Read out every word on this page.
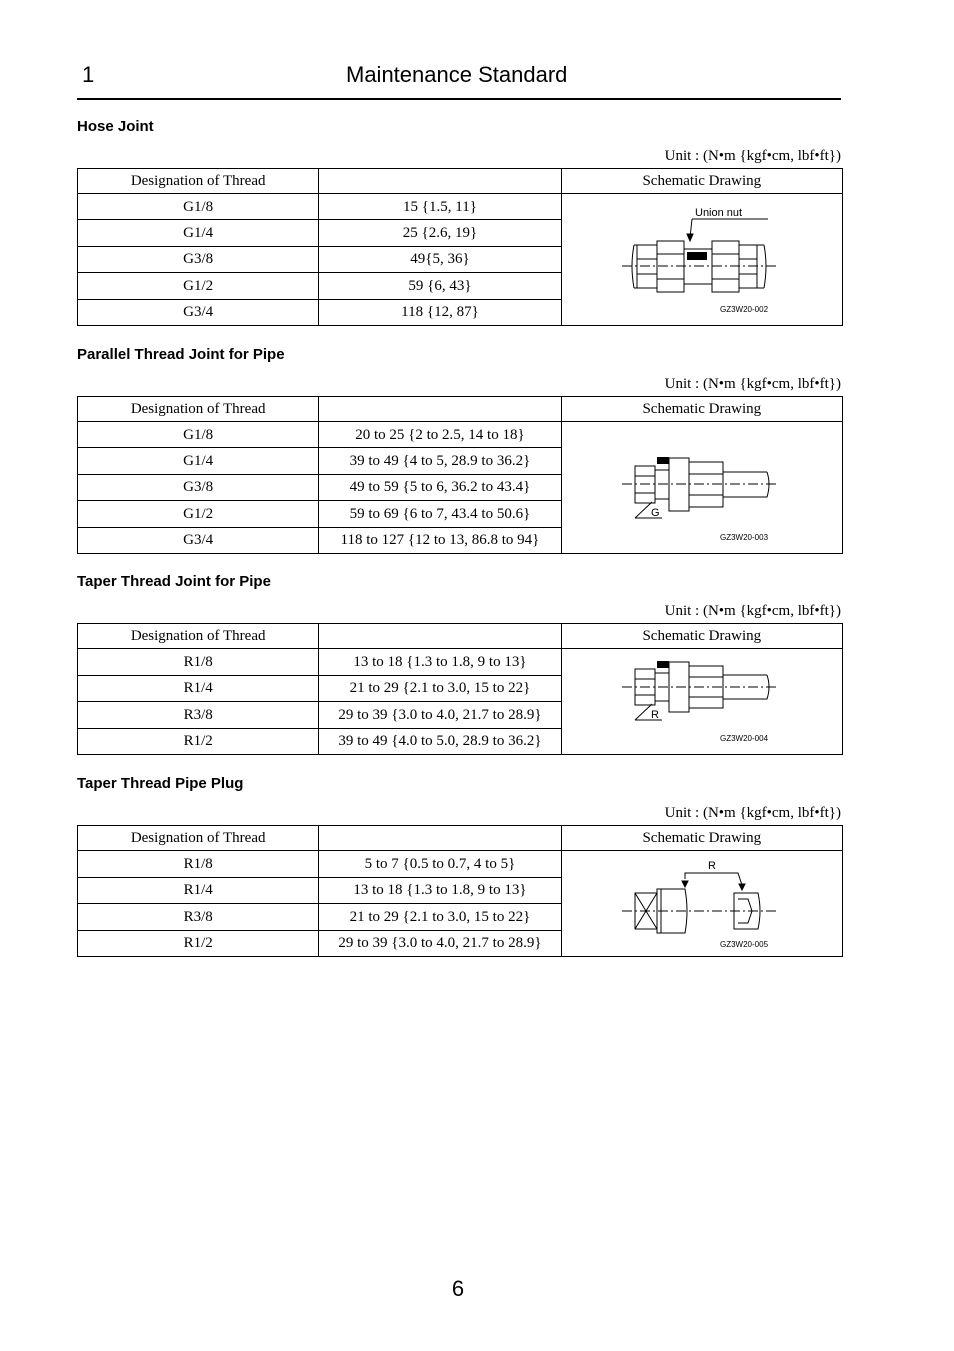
1	Maintenance Standard
Hose Joint
Unit : (N•m {kgf•cm, lbf•ft})
Designation of Thread		Schematic Drawing
G1/8	15 {1.5, 11}	Union nut
GZ3W20-002

G1/4	25 {2.6, 19}	
G3/8	49{5, 36}	
G1/2	59 {6, 43}	
G3/4	118 {12, 87}	
Parallel Thread Joint for Pipe
Unit : (N•m {kgf•cm, lbf•ft})
Designation of Thread		Schematic Drawing
G1/8	20 to 25 {2 to 2.5, 14 to 18}	G
GZ3W20-003

G1/4	39 to 49 {4 to 5, 28.9 to 36.2}	
G3/8	49 to 59 {5 to 6, 36.2 to 43.4}	
G1/2	59 to 69 {6 to 7, 43.4 to 50.6}	
G3/4	118 to 127 {12 to 13, 86.8 to 94}	
Taper Thread Joint for Pipe
Unit : (N•m {kgf•cm, lbf•ft})
Designation of Thread		Schematic Drawing
R1/8	13 to 18 {1.3 to 1.8, 9 to 13}	R
GZ3W20-004

R1/4	21 to 29 {2.1 to 3.0, 15 to 22}	
R3/8	29 to 39 {3.0 to 4.0, 21.7 to 28.9}	
R1/2	39 to 49 {4.0 to 5.0, 28.9 to 36.2}	
Taper Thread Pipe Plug
Unit : (N•m {kgf•cm, lbf•ft})
Designation of Thread		Schematic Drawing
R1/8	5 to 7 {0.5 to 0.7, 4 to 5}	R
GZ3W20-005

R1/4	13 to 18 {1.3 to 1.8, 9 to 13}	
R3/8	21 to 29 {2.1 to 3.0, 15 to 22}	
R1/2	29 to 39 {3.0 to 4.0, 21.7 to 28.9}	
6
